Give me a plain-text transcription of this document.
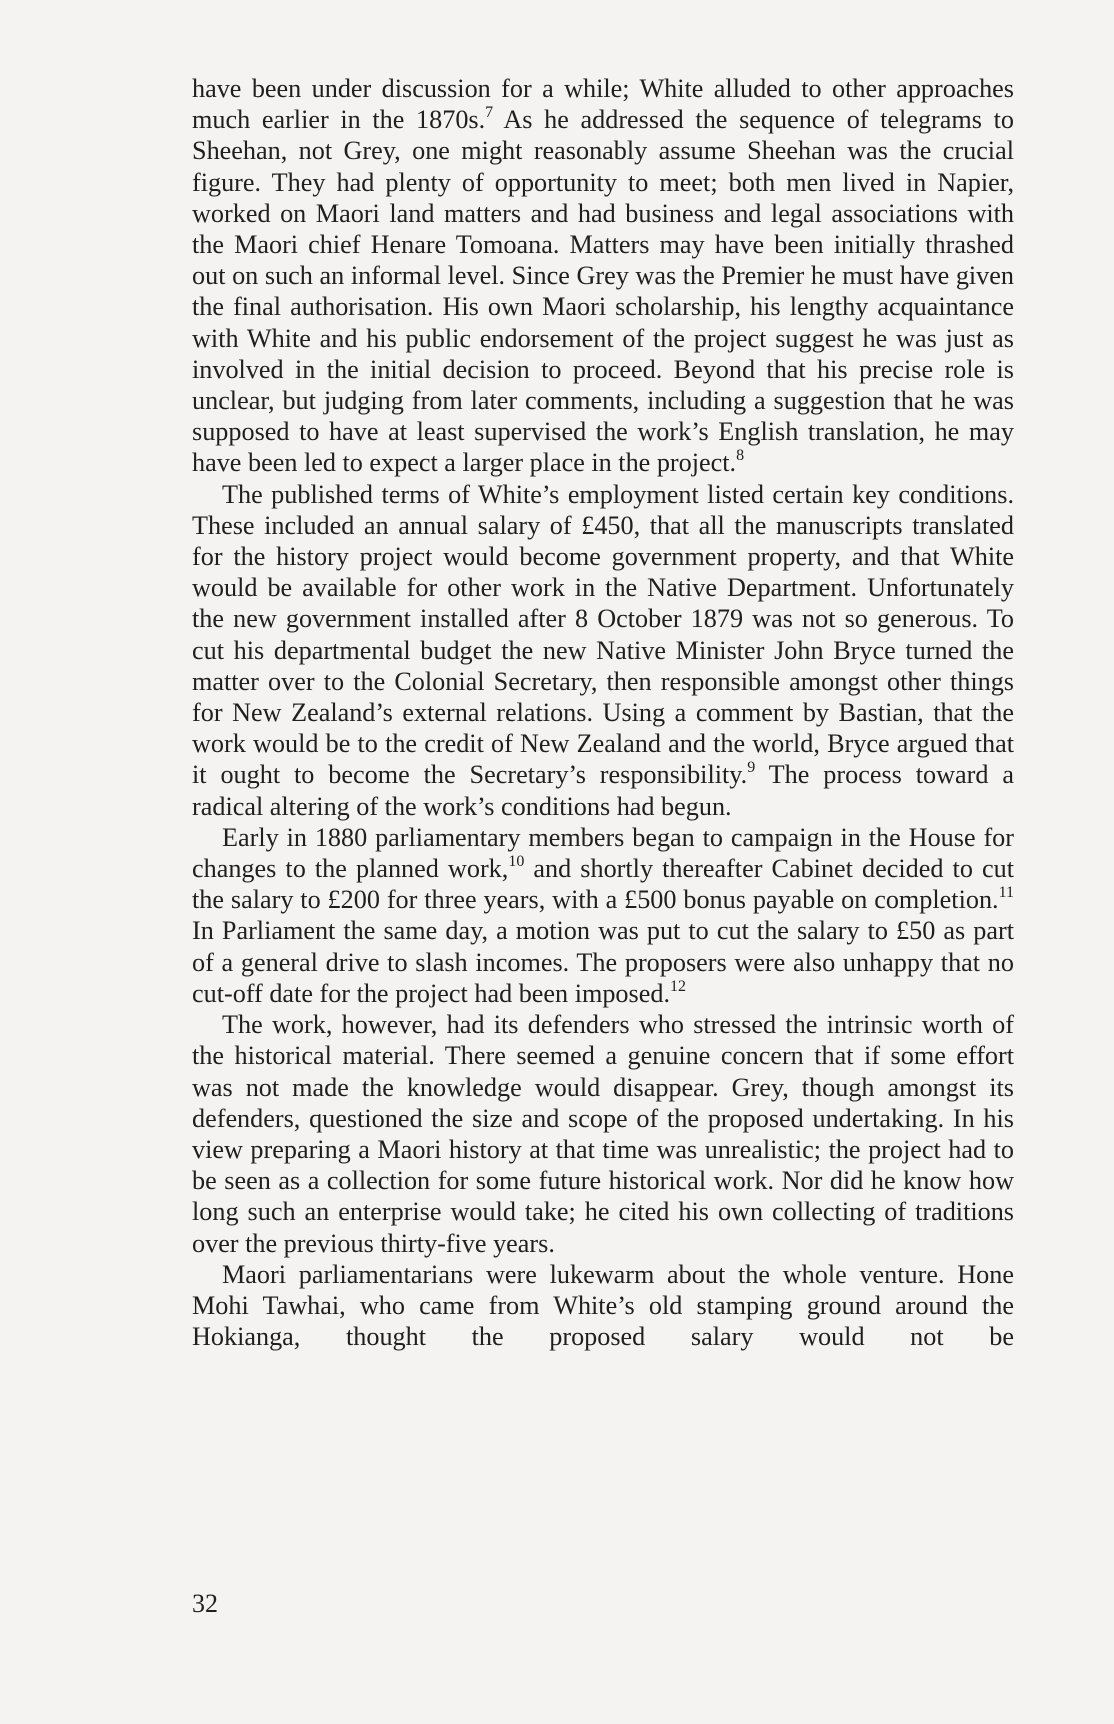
have been under discussion for a while; White alluded to other approaches much earlier in the 1870s.$^7$ As he addressed the sequence of telegrams to Sheehan, not Grey, one might reasonably assume Sheehan was the crucial figure. They had plenty of opportunity to meet; both men lived in Napier, worked on Maori land matters and had business and legal associations with the Maori chief Henare Tomoana. Matters may have been initially thrashed out on such an informal level. Since Grey was the Premier he must have given the final authorisation. His own Maori scholarship, his lengthy acquaintance with White and his public endorsement of the project suggest he was just as involved in the initial decision to proceed. Beyond that his precise role is unclear, but judging from later comments, including a suggestion that he was supposed to have at least supervised the work’s English translation, he may have been led to expect a larger place in the project.$^8$

The published terms of White’s employment listed certain key conditions. These included an annual salary of £450, that all the manuscripts translated for the history project would become government property, and that White would be available for other work in the Native Department. Unfortunately the new government installed after 8 October 1879 was not so generous. To cut his departmental budget the new Native Minister John Bryce turned the matter over to the Colonial Secretary, then responsible amongst other things for New Zealand’s external relations. Using a comment by Bastian, that the work would be to the credit of New Zealand and the world, Bryce argued that it ought to become the Secretary’s responsibility.$^9$ The process toward a radical altering of the work’s conditions had begun.

Early in 1880 parliamentary members began to campaign in the House for changes to the planned work,$^{10}$ and shortly thereafter Cabinet decided to cut the salary to £200 for three years, with a £500 bonus payable on completion.$^{11}$ In Parliament the same day, a motion was put to cut the salary to £50 as part of a general drive to slash incomes. The proposers were also unhappy that no cut-off date for the project had been imposed.$^{12}$

The work, however, had its defenders who stressed the intrinsic worth of the historical material. There seemed a genuine concern that if some effort was not made the knowledge would disappear. Grey, though amongst its defenders, questioned the size and scope of the proposed undertaking. In his view preparing a Maori history at that time was unrealistic; the project had to be seen as a collection for some future historical work. Nor did he know how long such an enterprise would take; he cited his own collecting of traditions over the previous thirty-five years.

Maori parliamentarians were lukewarm about the whole venture. Hone Mohi Tawhai, who came from White’s old stamping ground around the Hokianga, thought the proposed salary would not be

32
